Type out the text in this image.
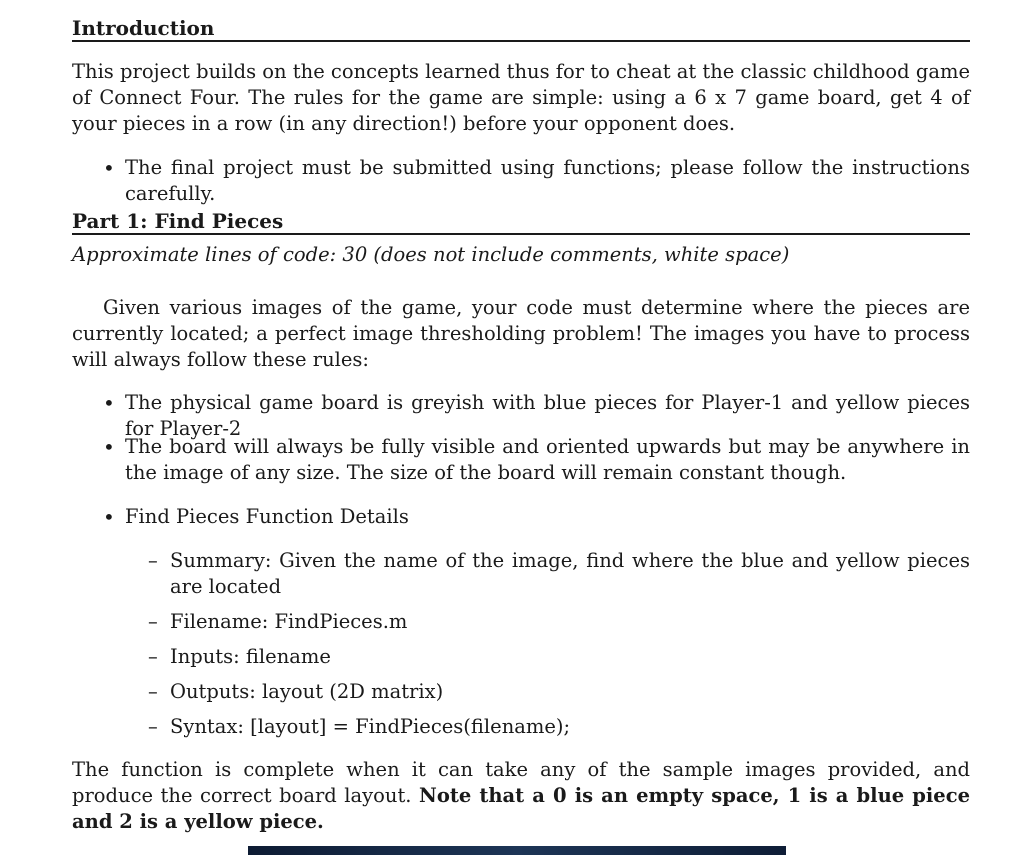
Introduction
This project builds on the concepts learned thus for to cheat at the classic childhood game of Connect Four. The rules for the game are simple: using a 6 x 7 game board, get 4 of your pieces in a row (in any direction!) before your opponent does.
• The final project must be submitted using functions; please follow the instructions carefully.
Part 1: Find Pieces
Approximate lines of code: 30 (does not include comments, white space)
Given various images of the game, your code must determine where the pieces are currently located; a perfect image thresholding problem! The images you have to process will always follow these rules:
• The physical game board is greyish with blue pieces for Player-1 and yellow pieces for Player-2
• The board will always be fully visible and oriented upwards but may be anywhere in the image of any size. The size of the board will remain constant though.
• Find Pieces Function Details
– Summary: Given the name of the image, find where the blue and yellow pieces are located
– Filename: FindPieces.m
– Inputs: filename
– Outputs: layout (2D matrix)
– Syntax: [layout] = FindPieces(filename);
The function is complete when it can take any of the sample images provided, and produce the correct board layout. Note that a 0 is an empty space, 1 is a blue piece and 2 is a yellow piece.
